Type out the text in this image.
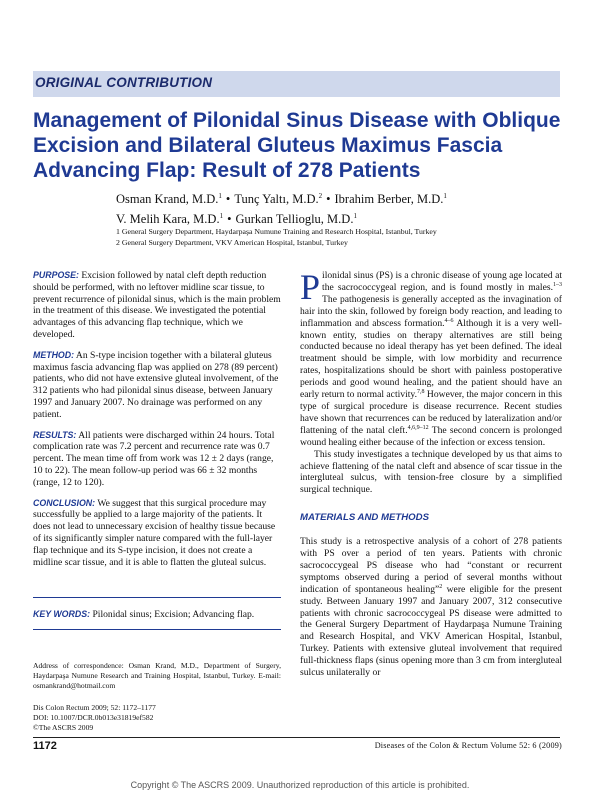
ORIGINAL CONTRIBUTION
Management of Pilonidal Sinus Disease with Oblique Excision and Bilateral Gluteus Maximus Fascia Advancing Flap: Result of 278 Patients
Osman Krand, M.D.$^1$ • Tunç Yaltı, M.D.$^2$ • Ibrahim Berber, M.D.$^1$
V. Melih Kara, M.D.$^1$ • Gurkan Tellioglu, M.D.$^1$
1 General Surgery Department, Haydarpaşa Numune Training and Research Hospital, Istanbul, Turkey
2 General Surgery Department, VKV American Hospital, Istanbul, Turkey

PURPOSE: Excision followed by natal cleft depth reduction should be performed, with no leftover midline scar tissue, to prevent recurrence of pilonidal sinus, which is the main problem in the treatment of this disease. We investigated the potential advantages of this advancing flap technique, which we developed.

METHOD: An S-type incision together with a bilateral gluteus maximus fascia advancing flap was applied on 278 (89 percent) patients, who did not have extensive gluteal involvement, of the 312 patients who had pilonidal sinus disease, between January 1997 and January 2007. No drainage was performed on any patient.

RESULTS: All patients were discharged within 24 hours. Total complication rate was 7.2 percent and recurrence rate was 0.7 percent. The mean time off from work was 12 ± 2 days (range, 10 to 22). The mean follow-up period was 66 ± 32 months (range, 12 to 120).

CONCLUSION: We suggest that this surgical procedure may successfully be applied to a large majority of the patients. It does not lead to unnecessary excision of healthy tissue because of its significantly simpler nature compared with the full-layer flap technique and its S-type incision, it does not create a midline scar tissue, and it is able to flatten the gluteal sulcus.

KEY WORDS: Pilonidal sinus; Excision; Advancing flap.
Address of correspondence: Osman Krand, M.D., Department of Surgery, Haydarpaşa Numune Research and Training Hospital, Istanbul, Turkey. E-mail: osmankrand@hotmail.com
Dis Colon Rectum 2009; 52: 1172–1177
DOI: 10.1007/DCR.0b013e31819ef582
©The ASCRS 2009

Pilonidal sinus (PS) is a chronic disease of young age located at the sacrococcygeal region, and is found mostly in males.$^{1-3}$ The pathogenesis is generally accepted as the invagination of hair into the skin, followed by foreign body reaction, and leading to inflammation and abscess formation.$^{4-6}$ Although it is a very well-known entity, studies on therapy alternatives are still being conducted because no ideal therapy has yet been defined. The ideal treatment should be simple, with low morbidity and recurrence rates, hospitalizations should be short with painless postoperative periods and good wound healing, and the patient should have an early return to normal activity.$^{7,8}$ However, the major concern in this type of surgical procedure is disease recurrence. Recent studies have shown that recurrences can be reduced by lateralization and/or flattening of the natal cleft.$^{4,6,9-12}$ The second concern is prolonged wound healing either because of the infection or excess tension.

This study investigates a technique developed by us that aims to achieve flattening of the natal cleft and absence of scar tissue in the intergluteal sulcus, with tension-free closure by a simplified surgical technique.

MATERIALS AND METHODS

This study is a retrospective analysis of a cohort of 278 patients with PS over a period of ten years. Patients with chronic sacrococcygeal PS disease who had “constant or recurrent symptoms observed during a period of several months without indication of spontaneous healing”$^2$ were eligible for the present study. Between January 1997 and January 2007, 312 consecutive patients with chronic sacrococcygeal PS disease were admitted to the General Surgery Department of Haydarpaşa Numune Training and Research Hospital, and VKV American Hospital, Istanbul, Turkey. Patients with extensive gluteal involvement that required full-thickness flaps (sinus opening more than 3 cm from intergluteal sulcus unilaterally or

1172	Diseases of the Colon & Rectum Volume 52: 6 (2009)
Copyright © The ASCRS 2009. Unauthorized reproduction of this article is prohibited.
